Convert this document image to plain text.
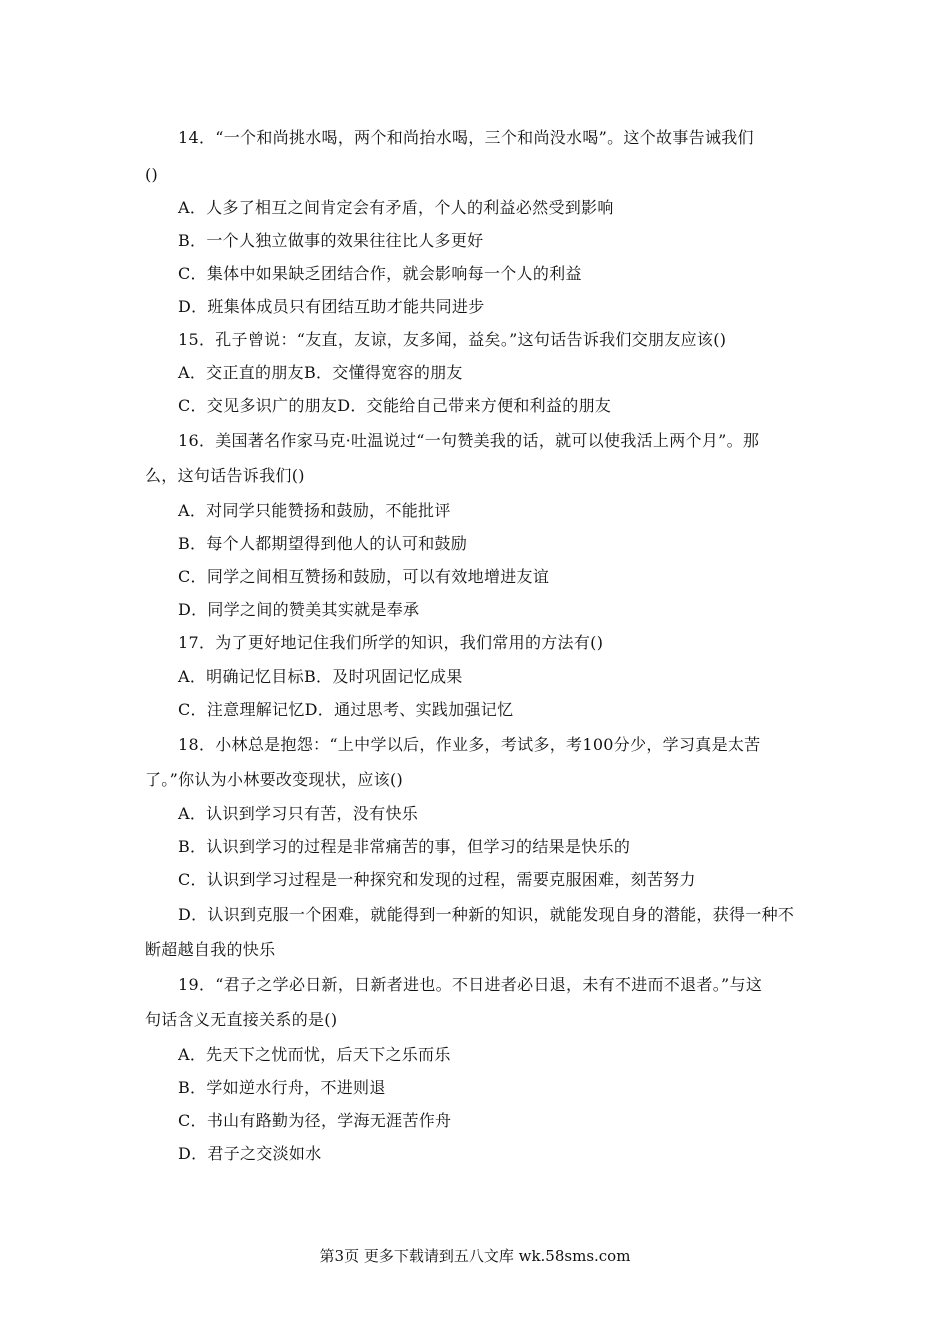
14．“一个和尚挑水喝，两个和尚抬水喝，三个和尚没水喝”。这个故事告诫我们
()
A．人多了相互之间肯定会有矛盾，个人的利益必然受到影响
B．一个人独立做事的效果往往比人多更好
C．集体中如果缺乏团结合作，就会影响每一个人的利益
D．班集体成员只有团结互助才能共同进步
15．孔子曾说：“友直，友谅，友多闻，益矣。”这句话告诉我们交朋友应该()
A．交正直的朋友B．交懂得宽容的朋友
C．交见多识广的朋友D．交能给自己带来方便和利益的朋友
16．美国著名作家马克·吐温说过“一句赞美我的话，就可以使我活上两个月”。那
么，这句话告诉我们()
A．对同学只能赞扬和鼓励，不能批评
B．每个人都期望得到他人的认可和鼓励
C．同学之间相互赞扬和鼓励，可以有效地增进友谊
D．同学之间的赞美其实就是奉承
17．为了更好地记住我们所学的知识，我们常用的方法有()
A．明确记忆目标B．及时巩固记忆成果
C．注意理解记忆D．通过思考、实践加强记忆
18．小林总是抱怨：“上中学以后，作业多，考试多，考100分少，学习真是太苦
了。”你认为小林要改变现状，应该()
A．认识到学习只有苦，没有快乐
B．认识到学习的过程是非常痛苦的事，但学习的结果是快乐的
C．认识到学习过程是一种探究和发现的过程，需要克服困难，刻苦努力
D．认识到克服一个困难，就能得到一种新的知识，就能发现自身的潜能，获得一种不
断超越自我的快乐
19．“君子之学必日新，日新者进也。不日进者必日退，未有不进而不退者。”与这
句话含义无直接关系的是()
A．先天下之忧而忧，后天下之乐而乐
B．学如逆水行舟，不进则退
C．书山有路勤为径，学海无涯苦作舟
D．君子之交淡如水
第3页 更多下载请到五八文库 wk.58sms.com
